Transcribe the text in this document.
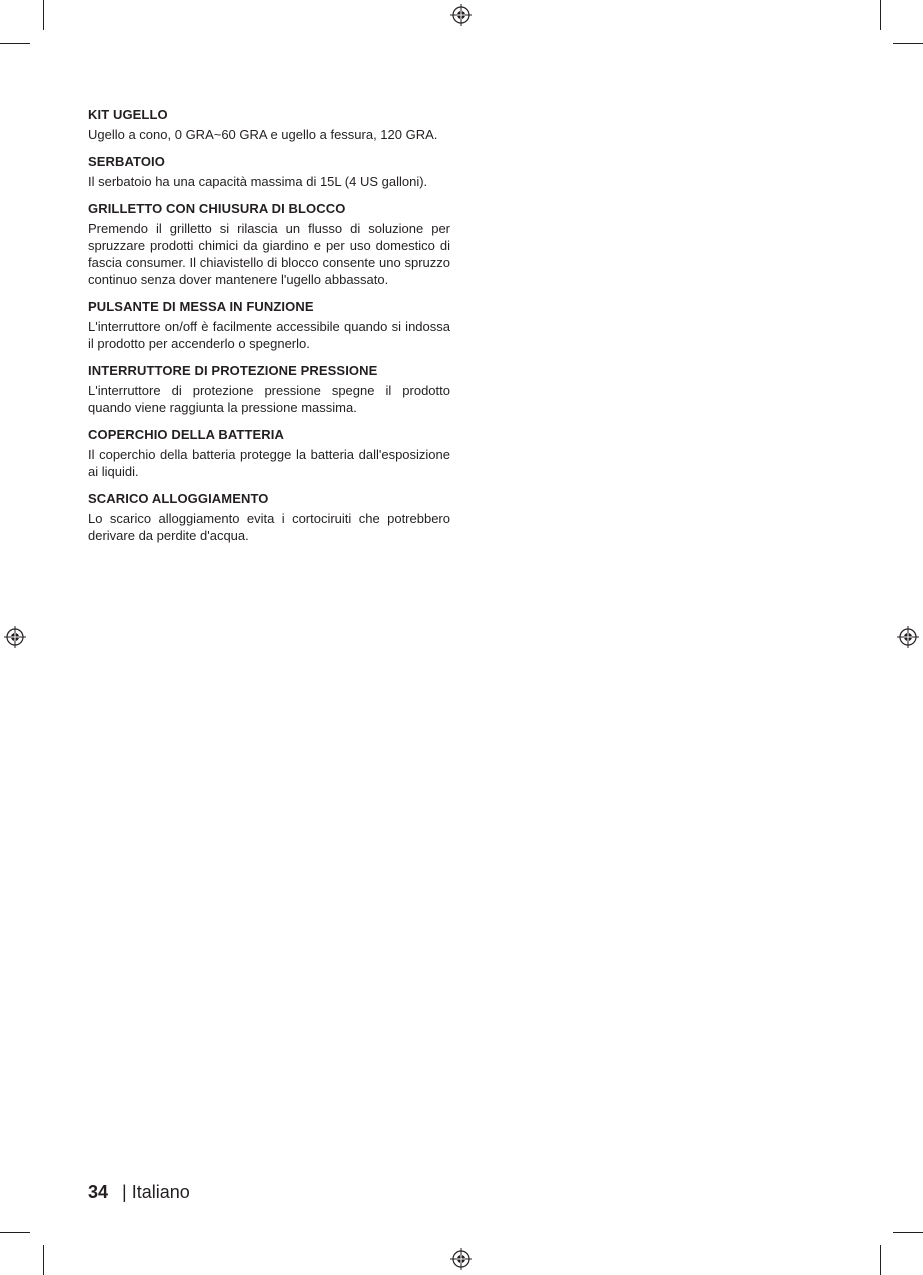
KIT UGELLO

Ugello a cono, 0 GRA~60 GRA e ugello a fessura, 120 GRA.

SERBATOIO

Il serbatoio ha una capacità massima di 15L (4 US galloni).

GRILLETTO CON CHIUSURA DI BLOCCO

Premendo il grilletto si rilascia un flusso di soluzione per spruzzare prodotti chimici da giardino e per uso domestico di fascia consumer. Il chiavistello di blocco consente uno spruzzo continuo senza dover mantenere l'ugello abbassato.

PULSANTE DI MESSA IN FUNZIONE

L'interruttore on/off è facilmente accessibile quando si indossa il prodotto per accenderlo o spegnerlo.

INTERRUTTORE DI PROTEZIONE PRESSIONE

L'interruttore di protezione pressione spegne il prodotto quando viene raggiunta la pressione massima.

COPERCHIO DELLA BATTERIA

Il coperchio della batteria protegge la batteria dall'esposizione ai liquidi.

SCARICO ALLOGGIAMENTO

Lo scarico alloggiamento evita i cortociruiti che potrebbero derivare da perdite d'acqua.

34 | Italiano
